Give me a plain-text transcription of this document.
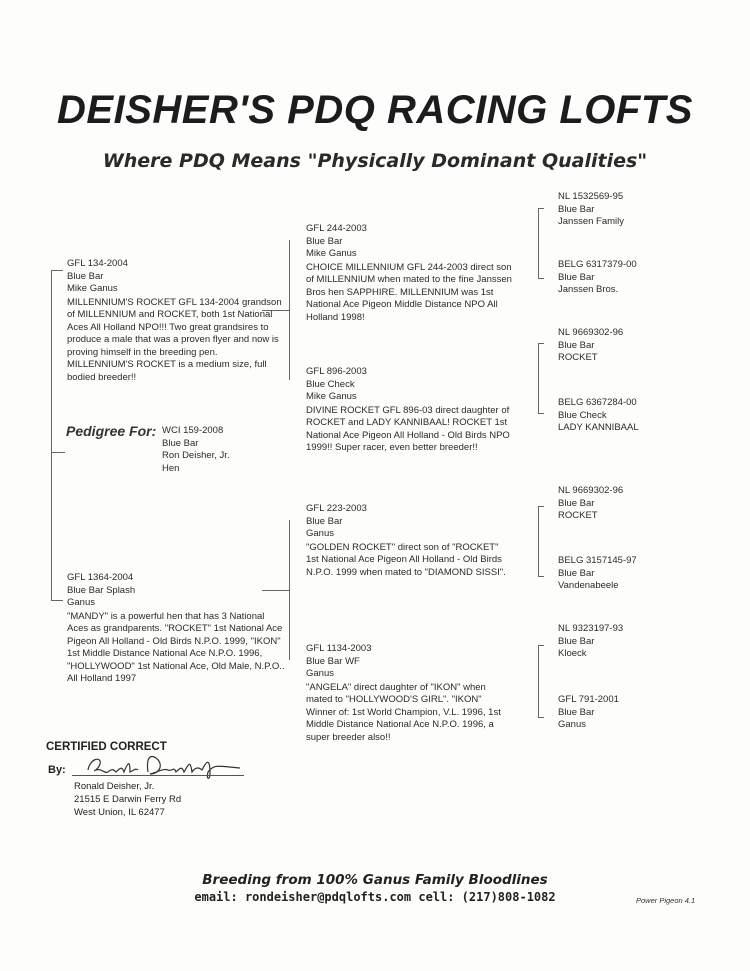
DEISHER'S PDQ RACING LOFTS
Where PDQ Means "Physically Dominant Qualities"
GFL 134-2004
Blue Bar
Mike Ganus
MILLENNIUM'S ROCKET GFL 134-2004 grandson of MILLENNIUM and ROCKET, both 1st National Aces All Holland NPO!!! Two great grandsires to produce a male that was a proven flyer and now is proving himself in the breeding pen. MILLENNIUM'S ROCKET is a medium size, full bodied breeder!!
Pedigree For: WCI 159-2008
Blue Bar
Ron Deisher, Jr.
Hen
GFL 1364-2004
Blue Bar Splash
Ganus
"MANDY" is a powerful hen that has 3 National Aces as grandparents. "ROCKET" 1st National Ace Pigeon All Holland - Old Birds N.P.O. 1999, "IKON" 1st Middle Distance National Ace N.P.O. 1996, "HOLLYWOOD" 1st National Ace, Old Male, N.P.O.. All Holland 1997
GFL 244-2003
Blue Bar
Mike Ganus
CHOICE MILLENNIUM GFL 244-2003 direct son of MILLENNIUM when mated to the fine Janssen Bros hen SAPPHIRE. MILLENNIUM was 1st National Ace Pigeon Middle Distance NPO All Holland 1998!
GFL 896-2003
Blue Check
Mike Ganus
DIVINE ROCKET GFL 896-03 direct daughter of ROCKET and LADY KANNIBAAL! ROCKET 1st National Ace Pigeon All Holland - Old Birds NPO 1999!! Super racer, even better breeder!!
GFL 223-2003
Blue Bar
Ganus
"GOLDEN ROCKET" direct son of "ROCKET" 1st National Ace Pigeon All Holland - Old Birds N.P.O. 1999 when mated to "DIAMOND SISSI".
GFL 1134-2003
Blue Bar WF
Ganus
"ANGELA" direct daughter of "IKON" when mated to "HOLLYWOOD'S GIRL". "IKON" Winner of: 1st World Champion, V.L. 1996, 1st Middle Distance National Ace N.P.O. 1996, a super breeder also!!
NL 1532569-95
Blue Bar
Janssen Family
BELG 6317379-00
Blue Bar
Janssen Bros.
NL 9669302-96
Blue Bar
ROCKET
BELG 6367284-00
Blue Check
LADY KANNIBAAL
NL 9669302-96
Blue Bar
ROCKET
BELG 3157145-97
Blue Bar
Vandenabeele
NL 9323197-93
Blue Bar
Kloeck
GFL 791-2001
Blue Bar
Ganus
CERTIFIED CORRECT
By:
Ronald Deisher, Jr.
21515 E Darwin Ferry Rd
West Union, IL 62477
Breeding from 100% Ganus Family Bloodlines
email: rondeisher@pdqlofts.com cell: (217)808-1082	Power Pigeon 4.1
